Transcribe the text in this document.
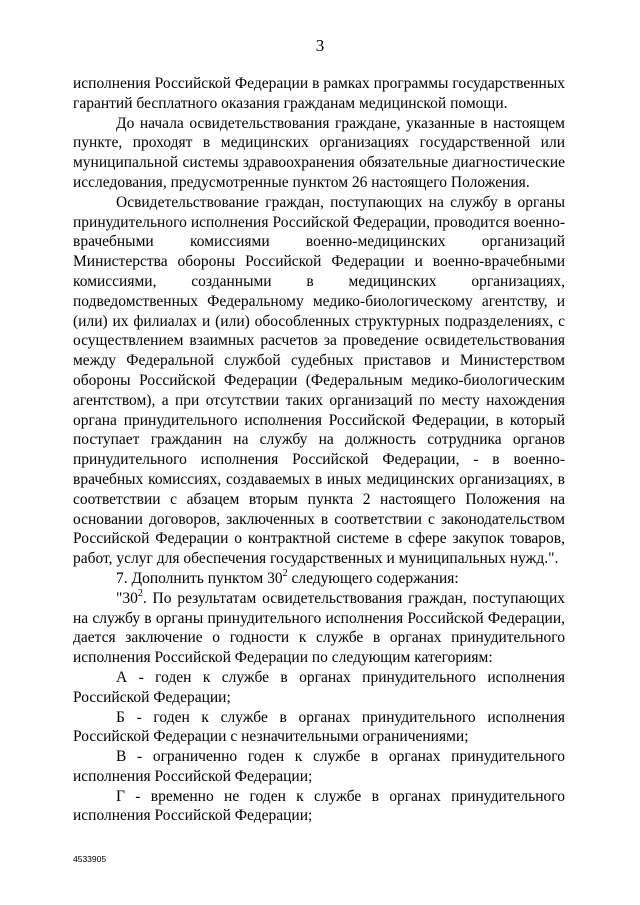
3

исполнения Российской Федерации в рамках программы государственных гарантий бесплатного оказания гражданам медицинской помощи.

До начала освидетельствования граждане, указанные в настоящем пункте, проходят в медицинских организациях государственной или муниципальной системы здравоохранения обязательные диагностические исследования, предусмотренные пунктом 26 настоящего Положения.

Освидетельствование граждан, поступающих на службу в органы принудительного исполнения Российской Федерации, проводится военно-врачебными комиссиями военно-медицинских организаций Министерства обороны Российской Федерации и военно-врачебными комиссиями, созданными в медицинских организациях, подведомственных Федеральному медико-биологическому агентству, и (или) их филиалах и (или) обособленных структурных подразделениях, с осуществлением взаимных расчетов за проведение освидетельствования между Федеральной службой судебных приставов и Министерством обороны Российской Федерации (Федеральным медико-биологическим агентством), а при отсутствии таких организаций по месту нахождения органа принудительного исполнения Российской Федерации, в который поступает гражданин на службу на должность сотрудника органов принудительного исполнения Российской Федерации, - в военно-врачебных комиссиях, создаваемых в иных медицинских организациях, в соответствии с абзацем вторым пункта 2 настоящего Положения на основании договоров, заключенных в соответствии с законодательством Российской Федерации о контрактной системе в сфере закупок товаров, работ, услуг для обеспечения государственных и муниципальных нужд.".

7. Дополнить пунктом $30^2$ следующего содержания:

"$30^2$. По результатам освидетельствования граждан, поступающих на службу в органы принудительного исполнения Российской Федерации, дается заключение о годности к службе в органах принудительного исполнения Российской Федерации по следующим категориям:

А - годен к службе в органах принудительного исполнения Российской Федерации;

Б - годен к службе в органах принудительного исполнения Российской Федерации с незначительными ограничениями;

В - ограниченно годен к службе в органах принудительного исполнения Российской Федерации;

Г - временно не годен к службе в органах принудительного исполнения Российской Федерации;

4533905
